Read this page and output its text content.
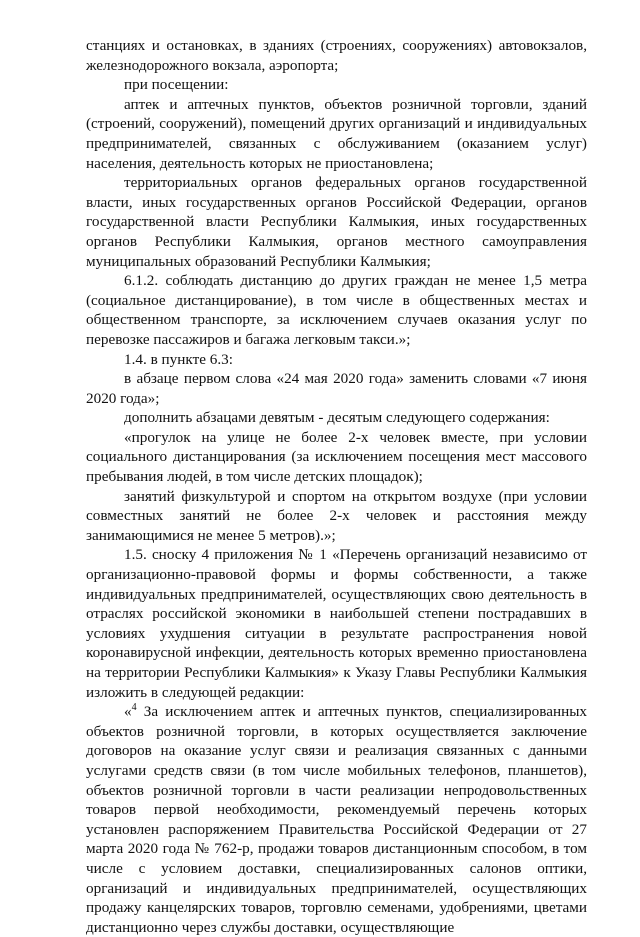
станциях и остановках, в зданиях (строениях, сооружениях) автовокзалов, железнодорожного вокзала, аэропорта;

при посещении:

аптек и аптечных пунктов, объектов розничной торговли, зданий (строений, сооружений), помещений других организаций и индивидуальных предпринимателей, связанных с обслуживанием (оказанием услуг) населения, деятельность которых не приостановлена;

территориальных органов федеральных органов государственной власти, иных государственных органов Российской Федерации, органов государственной власти Республики Калмыкия, иных государственных органов Республики Калмыкия, органов местного самоуправления муниципальных образований Республики Калмыкия;

6.1.2. соблюдать дистанцию до других граждан не менее 1,5 метра (социальное дистанцирование), в том числе в общественных местах и общественном транспорте, за исключением случаев оказания услуг по перевозке пассажиров и багажа легковым такси.»;

1.4. в пункте 6.3:

в абзаце первом слова «24 мая 2020 года» заменить словами «7 июня 2020 года»;

дополнить абзацами девятым - десятым следующего содержания:

«прогулок на улице не более 2-х человек вместе, при условии социального дистанцирования (за исключением посещения мест массового пребывания людей, в том числе детских площадок);

занятий физкультурой и спортом на открытом воздухе (при условии совместных занятий не более 2-х человек и расстояния между занимающимися не менее 5 метров).»;

1.5. сноску 4 приложения № 1 «Перечень организаций независимо от организационно-правовой формы и формы собственности, а также индивидуальных предпринимателей, осуществляющих свою деятельность в отраслях российской экономики в наибольшей степени пострадавших в условиях ухудшения ситуации в результате распространения новой коронавирусной инфекции, деятельность которых временно приостановлена на территории Республики Калмыкия» к Указу Главы Республики Калмыкия изложить в следующей редакции:

«$^4$ За исключением аптек и аптечных пунктов, специализированных объектов розничной торговли, в которых осуществляется заключение договоров на оказание услуг связи и реализация связанных с данными услугами средств связи (в том числе мобильных телефонов, планшетов), объектов розничной торговли в части реализации непродовольственных товаров первой необходимости, рекомендуемый перечень которых установлен распоряжением Правительства Российской Федерации от 27 марта 2020 года № 762-р, продажи товаров дистанционным способом, в том числе с условием доставки, специализированных салонов оптики, организаций и индивидуальных предпринимателей, осуществляющих продажу канцелярских товаров, торговлю семенами, удобрениями, цветами дистанционно через службы доставки, осуществляющие
